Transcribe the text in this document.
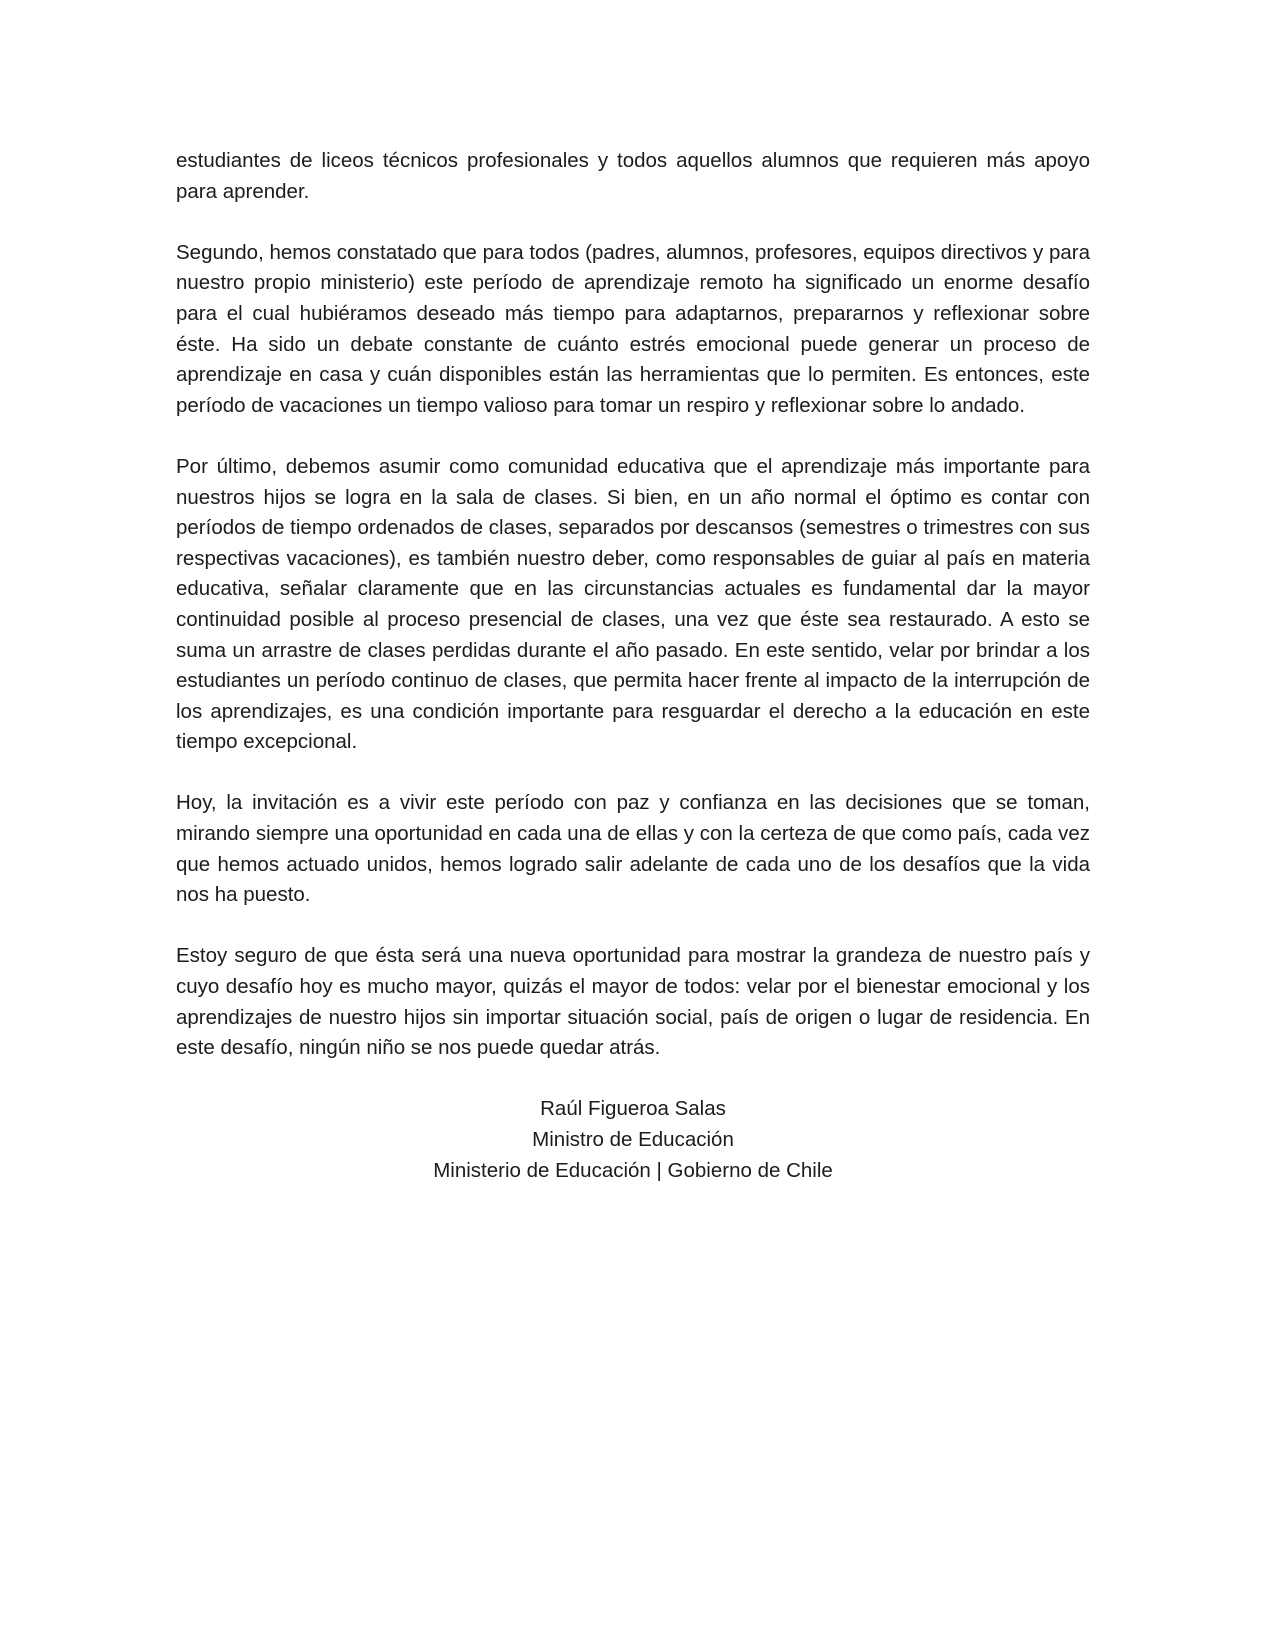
estudiantes de liceos técnicos profesionales y todos aquellos alumnos que requieren más apoyo para aprender.

Segundo, hemos constatado que para todos (padres, alumnos, profesores, equipos directivos y para nuestro propio ministerio) este período de aprendizaje remoto ha significado un enorme desafío para el cual hubiéramos deseado más tiempo para adaptarnos, prepararnos y reflexionar sobre éste. Ha sido un debate constante de cuánto estrés emocional puede generar un proceso de aprendizaje en casa y cuán disponibles están las herramientas que lo permiten. Es entonces, este período de vacaciones un tiempo valioso para tomar un respiro y reflexionar sobre lo andado.

Por último, debemos asumir como comunidad educativa que el aprendizaje más importante para nuestros hijos se logra en la sala de clases. Si bien, en un año normal el óptimo es contar con períodos de tiempo ordenados de clases, separados por descansos (semestres o trimestres con sus respectivas vacaciones), es también nuestro deber, como responsables de guiar al país en materia educativa, señalar claramente que en las circunstancias actuales es fundamental dar la mayor continuidad posible al proceso presencial de clases, una vez que éste sea restaurado. A esto se suma un arrastre de clases perdidas durante el año pasado. En este sentido, velar por brindar a los estudiantes un período continuo de clases, que permita hacer frente al impacto de la interrupción de los aprendizajes, es una condición importante para resguardar el derecho a la educación en este tiempo excepcional.

Hoy, la invitación es a vivir este período con paz y confianza en las decisiones que se toman, mirando siempre una oportunidad en cada una de ellas y con la certeza de que como país, cada vez que hemos actuado unidos, hemos logrado salir adelante de cada uno de los desafíos que la vida nos ha puesto.

Estoy seguro de que ésta será una nueva oportunidad para mostrar la grandeza de nuestro país y cuyo desafío hoy es mucho mayor, quizás el mayor de todos: velar por el bienestar emocional y los aprendizajes de nuestro hijos sin importar situación social, país de origen o lugar de residencia. En este desafío, ningún niño se nos puede quedar atrás.

Raúl Figueroa Salas
Ministro de Educación
Ministerio de Educación | Gobierno de Chile
